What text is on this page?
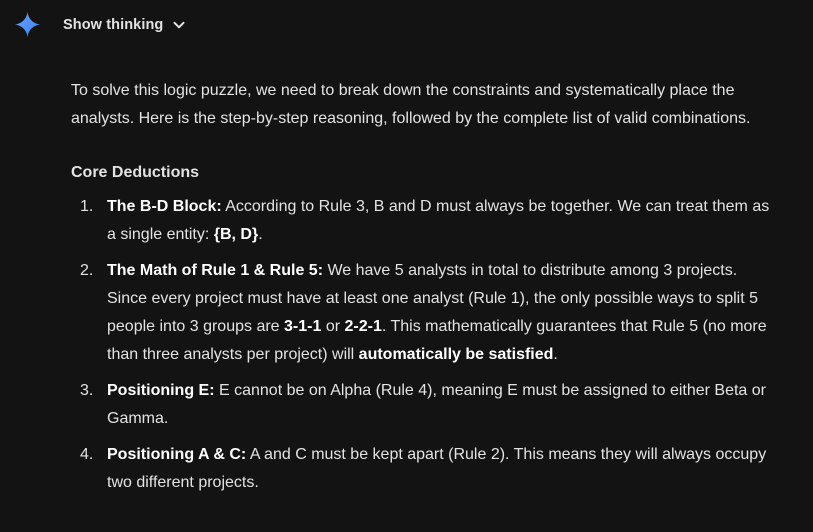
Show thinking

To solve this logic puzzle, we need to break down the constraints and systematically place the analysts. Here is the step-by-step reasoning, followed by the complete list of valid combinations.

Core Deductions
1. The B-D Block: According to Rule 3, B and D must always be together. We can treat them as a single entity: {B, D}.
2. The Math of Rule 1 & Rule 5: We have 5 analysts in total to distribute among 3 projects. Since every project must have at least one analyst (Rule 1), the only possible ways to split 5 people into 3 groups are 3-1-1 or 2-2-1. This mathematically guarantees that Rule 5 (no more than three analysts per project) will automatically be satisfied.
3. Positioning E: E cannot be on Alpha (Rule 4), meaning E must be assigned to either Beta or Gamma.
4. Positioning A & C: A and C must be kept apart (Rule 2). This means they will always occupy two different projects.
